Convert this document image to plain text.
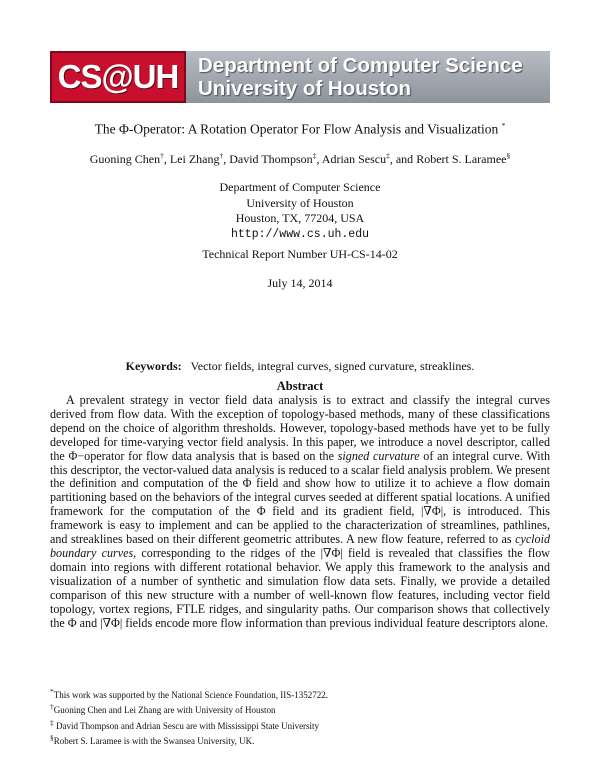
CS@UH Department of Computer Science
University of Houston
The Φ-Operator: A Rotation Operator For Flow Analysis and Visualization *
Guoning Chen†, Lei Zhang†, David Thompson‡, Adrian Sescu‡, and Robert S. Laramee§
Department of Computer Science
University of Houston
Houston, TX, 77204, USA
http://www.cs.uh.edu
Technical Report Number UH-CS-14-02
July 14, 2014
Keywords: Vector fields, integral curves, signed curvature, streaklines.
Abstract

A prevalent strategy in vector field data analysis is to extract and classify the integral curves derived from flow data. With the exception of topology-based methods, many of these classifications depend on the choice of algorithm thresholds. However, topology-based methods have yet to be fully developed for time-varying vector field analysis. In this paper, we introduce a novel descriptor, called the Φ−operator for flow data analysis that is based on the signed curvature of an integral curve. With this descriptor, the vector-valued data analysis is reduced to a scalar field analysis problem. We present the definition and computation of the Φ field and show how to utilize it to achieve a flow domain partitioning based on the behaviors of the integral curves seeded at different spatial locations. A unified framework for the computation of the Φ field and its gradient field, |∇Φ|, is introduced. This framework is easy to implement and can be applied to the characterization of streamlines, pathlines, and streaklines based on their different geometric attributes. A new flow feature, referred to as cycloid boundary curves, corresponding to the ridges of the |∇Φ| field is revealed that classifies the flow domain into regions with different rotational behavior. We apply this framework to the analysis and visualization of a number of synthetic and simulation flow data sets. Finally, we provide a detailed comparison of this new structure with a number of well-known flow features, including vector field topology, vortex regions, FTLE ridges, and singularity paths. Our comparison shows that collectively the Φ and |∇Φ| fields encode more flow information than previous individual feature descriptors alone.

*This work was supported by the National Science Foundation, IIS-1352722.
†Guoning Chen and Lei Zhang are with University of Houston
‡ David Thompson and Adrian Sescu are with Mississippi State University
§Robert S. Laramee is with the Swansea University, UK.
